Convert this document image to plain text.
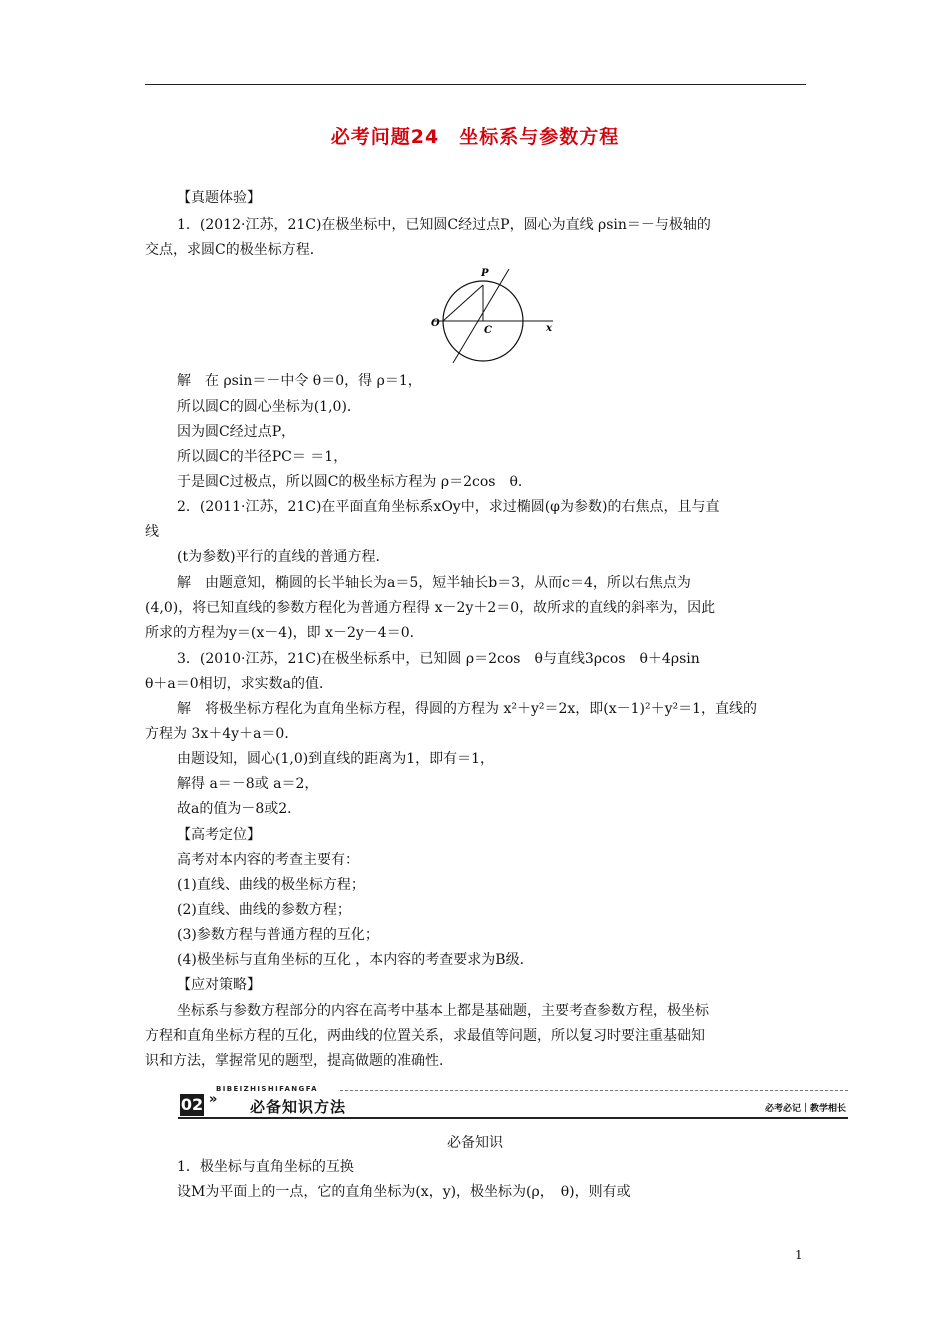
必考问题24　坐标系与参数方程
【真题体验】
　1．(2012·江苏，21C)在极坐标中，已知圆C经过点P，圆心为直线 ρsin＝－与极轴的
交点，求圆C的极坐标方程．
P
O
C	x
　解　在 ρsin＝－中令 θ＝0，得 ρ＝1，
所以圆C的圆心坐标为(1,0)．
因为圆C经过点P，
所以圆C的半径PC＝ ＝1，
于是圆C过极点，所以圆C的极坐标方程为 ρ＝2cos　θ．
　2．(2011·江苏，21C)在平面直角坐标系xOy中，求过椭圆(φ为参数)的右焦点，且与直
线
(t为参数)平行的直线的普通方程．
　解　由题意知，椭圆的长半轴长为a＝5，短半轴长b＝3，从而c＝4，所以右焦点为
(4,0)，将已知直线的参数方程化为普通方程得 x－2y＋2＝0，故所求的直线的斜率为，因此
所求的方程为y＝(x－4)，即 x－2y－4＝0．
　3．(2010·江苏，21C)在极坐标系中，已知圆 ρ＝2cos　θ与直线3ρcos　θ＋4ρsin
θ＋a＝0相切，求实数a的值．
　解　将极坐标方程化为直角坐标方程，得圆的方程为 x²＋y²＝2x，即(x－1)²＋y²＝1，直线的
方程为 3x＋4y＋a＝0．
由题设知，圆心(1,0)到直线的距离为1，即有＝1，
解得 a＝－8或 a＝2，
故a的值为－8或2．
【高考定位】
高考对本内容的考查主要有：
(1)直线、曲线的极坐标方程；
(2)直线、曲线的参数方程；
(3)参数方程与普通方程的互化；
(4)极坐标与直角坐标的互化 ，本内容的考查要求为B级．
【应对策略】
　坐标系与参数方程部分的内容在高考中基本上都是基础题，主要考查参数方程，极坐标
方程和直角坐标方程的互化，两曲线的位置关系，求最值等问题，所以复习时要注重基础知
识和方法，掌握常见的题型，提高做题的准确性．
BIBEIZHISHIFANGFA
02 » 必备知识方法	必考必记｜教学相长
必备知识
1．极坐标与直角坐标的互换
设M为平面上的一点，它的直角坐标为(x，y)，极坐标为(ρ，　θ)，则有或
1
